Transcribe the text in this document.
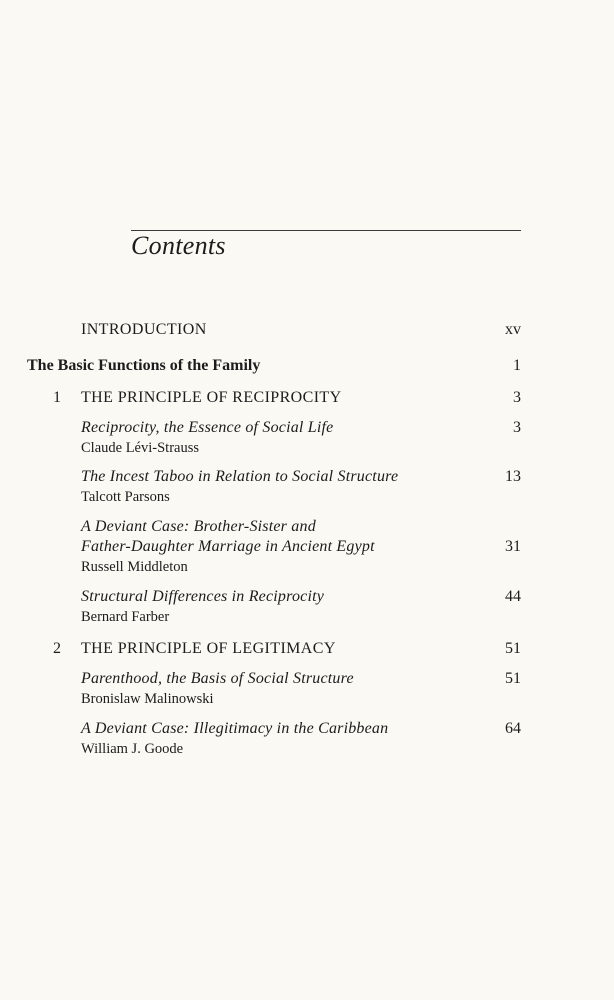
Contents
INTRODUCTION	xv
The Basic Functions of the Family	1
1 THE PRINCIPLE OF RECIPROCITY	3
Reciprocity, the Essence of Social Life	3
Claude Lévi-Strauss
The Incest Taboo in Relation to Social Structure	13
Talcott Parsons
A Deviant Case: Brother-Sister and
Father-Daughter Marriage in Ancient Egypt	31
Russell Middleton
Structural Differences in Reciprocity	44
Bernard Farber
2 THE PRINCIPLE OF LEGITIMACY	51
Parenthood, the Basis of Social Structure	51
Bronislaw Malinowski
A Deviant Case: Illegitimacy in the Caribbean	64
William J. Goode
